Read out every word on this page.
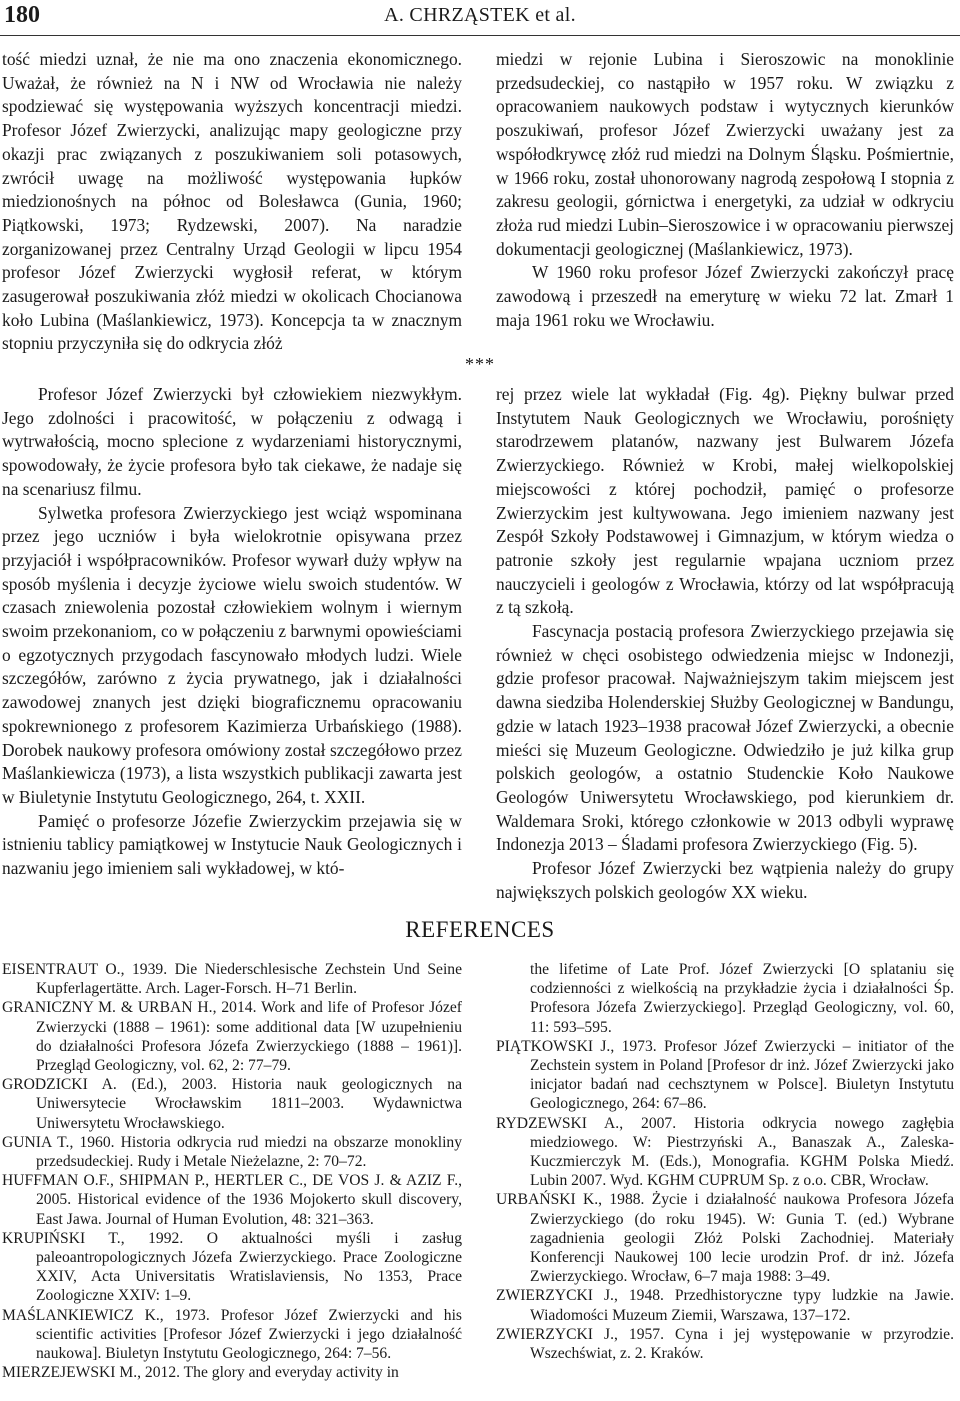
180	A. CHRZĄSTEK et al.

tość miedzi uznał, że nie ma ono znaczenia ekonomicznego. Uważał, że również na N i NW od Wrocławia nie należy spodziewać się występowania wyższych koncentracji miedzi. Profesor Józef Zwierzycki, analizując mapy geologiczne przy okazji prac związanych z poszukiwaniem soli potasowych, zwrócił uwagę na możliwość występowania łupków miedzionośnych na północ od Bolesławca (Gunia, 1960; Piątkowski, 1973; Rydzewski, 2007). Na naradzie zorganizowanej przez Centralny Urząd Geologii w lipcu 1954 profesor Józef Zwierzycki wygłosił referat, w którym zasugerował poszukiwania złóż miedzi w okolicach Chocianowa koło Lubina (Maślankiewicz, 1973). Koncepcja ta w znacznym stopniu przyczyniła się do odkrycia złóż

miedzi w rejonie Lubina i Sieroszowic na monoklinie przedsudeckiej, co nastąpiło w 1957 roku. W związku z opracowaniem naukowych podstaw i wytycznych kierunków poszukiwań, profesor Józef Zwierzycki uważany jest za współodkrywcę złóż rud miedzi na Dolnym Śląsku. Pośmiertnie, w 1966 roku, został uhonorowany nagrodą zespołową I stopnia z zakresu geologii, górnictwa i energetyki, za udział w odkryciu złoża rud miedzi Lubin–Sieroszowice i w opracowaniu pierwszej dokumentacji geologicznej (Maślankiewicz, 1973).

W 1960 roku profesor Józef Zwierzycki zakończył pracę zawodową i przeszedł na emeryturę w wieku 72 lat. Zmarł 1 maja 1961 roku we Wrocławiu.

***

Profesor Józef Zwierzycki był człowiekiem niezwykłym. Jego zdolności i pracowitość, w połączeniu z odwagą i wytrwałością, mocno splecione z wydarzeniami historycznymi, spowodowały, że życie profesora było tak ciekawe, że nadaje się na scenariusz filmu.

Sylwetka profesora Zwierzyckiego jest wciąż wspominana przez jego uczniów i była wielokrotnie opisywana przez przyjaciół i współpracowników. Profesor wywarł duży wpływ na sposób myślenia i decyzje życiowe wielu swoich studentów. W czasach zniewolenia pozostał człowiekiem wolnym i wiernym swoim przekonaniom, co w połączeniu z barwnymi opowieściami o egzotycznych przygodach fascynowało młodych ludzi. Wiele szczegółów, zarówno z życia prywatnego, jak i działalności zawodowej znanych jest dzięki biograficznemu opracowaniu spokrewnionego z profesorem Kazimierza Urbańskiego (1988). Dorobek naukowy profesora omówiony został szczegółowo przez Maślankiewicza (1973), a lista wszystkich publikacji zawarta jest w Biuletynie Instytutu Geologicznego, 264, t. XXII.

Pamięć o profesorze Józefie Zwierzyckim przejawia się w istnieniu tablicy pamiątkowej w Instytucie Nauk Geologicznych i nazwaniu jego imieniem sali wykładowej, w któ-

rej przez wiele lat wykładał (Fig. 4g). Piękny bulwar przed Instytutem Nauk Geologicznych we Wrocławiu, porośnięty starodrzewem platanów, nazwany jest Bulwarem Józefa Zwierzyckiego. Również w Krobi, małej wielkopolskiej miejscowości z której pochodził, pamięć o profesorze Zwierzyckim jest kultywowana. Jego imieniem nazwany jest Zespół Szkoły Podstawowej i Gimnazjum, w którym wiedza o patronie szkoły jest regularnie wpajana uczniom przez nauczycieli i geologów z Wrocławia, którzy od lat współpracują z tą szkołą.

Fascynacja postacią profesora Zwierzyckiego przejawia się również w chęci osobistego odwiedzenia miejsc w Indonezji, gdzie profesor pracował. Najważniejszym takim miejscem jest dawna siedziba Holenderskiej Służby Geologicznej w Bandungu, gdzie w latach 1923–1938 pracował Józef Zwierzycki, a obecnie mieści się Muzeum Geologiczne. Odwiedziło je już kilka grup polskich geologów, a ostatnio Studenckie Koło Naukowe Geologów Uniwersytetu Wrocławskiego, pod kierunkiem dr. Waldemara Sroki, którego członkowie w 2013 odbyli wyprawę Indonezja 2013 – Śladami profesora Zwierzyckiego (Fig. 5).

Profesor Józef Zwierzycki bez wątpienia należy do grupy największych polskich geologów XX wieku.

REFERENCES

EISENTRAUT O., 1939. Die Niederschlesische Zechstein Und Seine Kupferlagertätte. Arch. Lager-Forsch. H–71 Berlin.

GRANICZNY M. & URBAN H., 2014. Work and life of Profesor Józef Zwierzycki (1888 – 1961): some additional data [W uzupełnieniu do działalności Profesora Józefa Zwierzyckiego (1888 – 1961)]. Przegląd Geologiczny, vol. 62, 2: 77–79.

GRODZICKI A. (Ed.), 2003. Historia nauk geologicznych na Uniwersytecie Wrocławskim 1811–2003. Wydawnictwa Uniwersytetu Wrocławskiego.

GUNIA T., 1960. Historia odkrycia rud miedzi na obszarze monokliny przedsudeckiej. Rudy i Metale Nieżelazne, 2: 70–72.

HUFFMAN O.F., SHIPMAN P., HERTLER C., DE VOS J. & AZIZ F., 2005. Historical evidence of the 1936 Mojokerto skull discovery, East Jawa. Journal of Human Evolution, 48: 321–363.

KRUPIŃSKI T., 1992. O aktualności myśli i zasług paleoantropologicznych Józefa Zwierzyckiego. Prace Zoologiczne XXIV, Acta Universitatis Wratislaviensis, No 1353, Prace Zoologiczne XXIV: 1–9.

MAŚLANKIEWICZ K., 1973. Profesor Józef Zwierzycki and his scientific activities [Profesor Józef Zwierzycki i jego działalność naukowa]. Biuletyn Instytutu Geologicznego, 264: 7–56.

MIERZEJEWSKI M., 2012. The glory and everyday activity in

the lifetime of Late Prof. Józef Zwierzycki [O splataniu się codzienności z wielkością na przykładzie życia i działalności Śp. Profesora Józefa Zwierzyckiego]. Przegląd Geologiczny, vol. 60, 11: 593–595.

PIĄTKOWSKI J., 1973. Profesor Józef Zwierzycki – initiator of the Zechstein system in Poland [Profesor dr inż. Józef Zwierzycki jako inicjator badań nad cechsztynem w Polsce]. Biuletyn Instytutu Geologicznego, 264: 67–86.

RYDZEWSKI A., 2007. Historia odkrycia nowego zagłębia miedziowego. W: Piestrzyński A., Banaszak A., Zaleska-Kuczmierczyk M. (Eds.), Monografia. KGHM Polska Miedź. Lubin 2007. Wyd. KGHM CUPRUM Sp. z o.o. CBR, Wrocław.

URBAŃSKI K., 1988. Życie i działalność naukowa Profesora Józefa Zwierzyckiego (do roku 1945). W: Gunia T. (ed.) Wybrane zagadnienia geologii Złóż Polski Zachodniej. Materiały Konferencji Naukowej 100 lecie urodzin Prof. dr inż. Józefa Zwierzyckiego. Wrocław, 6–7 maja 1988: 3–49.

ZWIERZYCKI J., 1948. Przedhistoryczne typy ludzkie na Jawie. Wiadomości Muzeum Ziemii, Warszawa, 137–172.

ZWIERZYCKI J., 1957. Cyna i jej występowanie w przyrodzie. Wszechświat, z. 2. Kraków.
